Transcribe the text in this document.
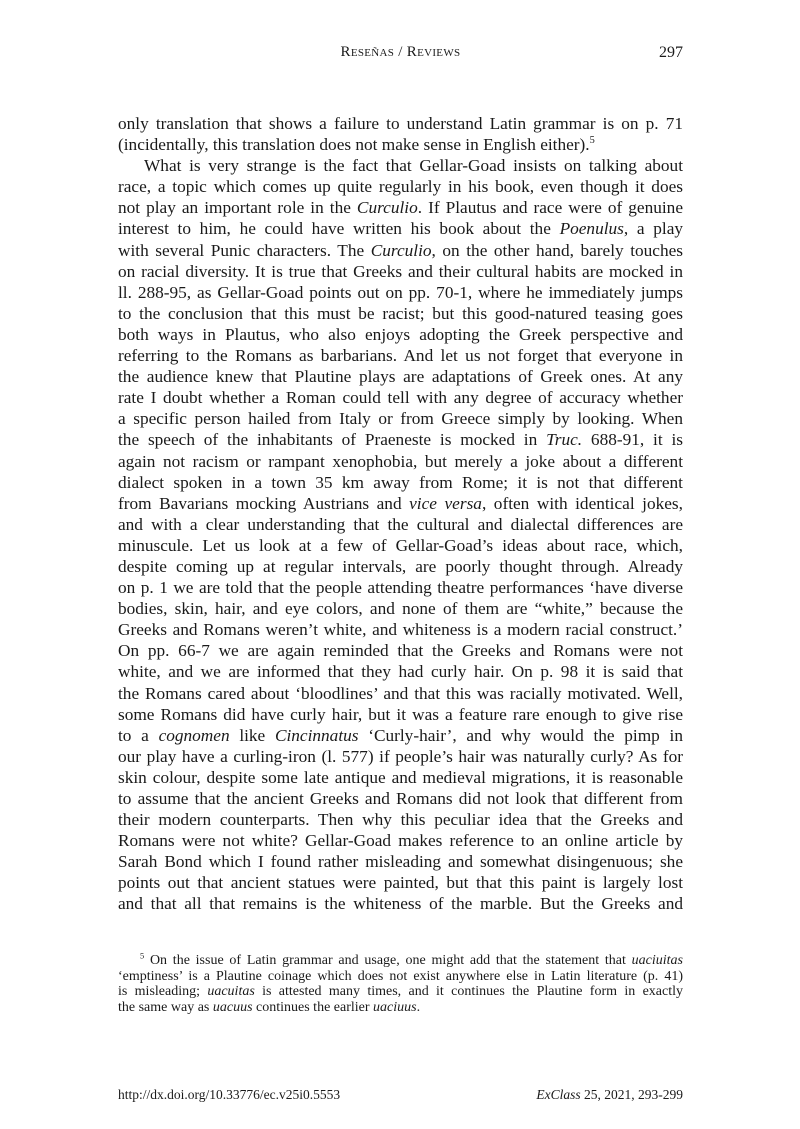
Reseñas / Reviews	297
only translation that shows a failure to understand Latin grammar is on p. 71
(incidentally, this translation does not make sense in English either).$^5$
What is very strange is the fact that Gellar-Goad insists on talking about
race, a topic which comes up quite regularly in his book, even though it does
not play an important role in the Curculio. If Plautus and race were of genuine
interest to him, he could have written his book about the Poenulus, a play
with several Punic characters. The Curculio, on the other hand, barely touches
on racial diversity. It is true that Greeks and their cultural habits are mocked in
ll. 288-95, as Gellar-Goad points out on pp. 70-1, where he immediately jumps
to the conclusion that this must be racist; but this good-natured teasing goes
both ways in Plautus, who also enjoys adopting the Greek perspective and
referring to the Romans as barbarians. And let us not forget that everyone in
the audience knew that Plautine plays are adaptations of Greek ones. At any
rate I doubt whether a Roman could tell with any degree of accuracy whether
a specific person hailed from Italy or from Greece simply by looking. When
the speech of the inhabitants of Praeneste is mocked in Truc. 688-91, it is
again not racism or rampant xenophobia, but merely a joke about a different
dialect spoken in a town 35 km away from Rome; it is not that different
from Bavarians mocking Austrians and vice versa, often with identical jokes,
and with a clear understanding that the cultural and dialectal differences are
minuscule. Let us look at a few of Gellar-Goad’s ideas about race, which,
despite coming up at regular intervals, are poorly thought through. Already
on p. 1 we are told that the people attending theatre performances ‘have diverse
bodies, skin, hair, and eye colors, and none of them are “white,” because the
Greeks and Romans weren’t white, and whiteness is a modern racial construct.’
On pp. 66-7 we are again reminded that the Greeks and Romans were not
white, and we are informed that they had curly hair. On p. 98 it is said that
the Romans cared about ‘bloodlines’ and that this was racially motivated. Well,
some Romans did have curly hair, but it was a feature rare enough to give rise
to a cognomen like Cincinnatus ‘Curly-hair’, and why would the pimp in
our play have a curling-iron (l. 577) if people’s hair was naturally curly? As for
skin colour, despite some late antique and medieval migrations, it is reasonable
to assume that the ancient Greeks and Romans did not look that different from
their modern counterparts. Then why this peculiar idea that the Greeks and
Romans were not white? Gellar-Goad makes reference to an online article by
Sarah Bond which I found rather misleading and somewhat disingenuous; she
points out that ancient statues were painted, but that this paint is largely lost
and that all that remains is the whiteness of the marble. But the Greeks and
$^5$ On the issue of Latin grammar and usage, one might add that the statement that uaciuitas
‘emptiness’ is a Plautine coinage which does not exist anywhere else in Latin literature (p. 41)
is misleading; uacuitas is attested many times, and it continues the Plautine form in exactly
the same way as uacuus continues the earlier uaciuus.
http://dx.doi.org/10.33776/ec.v25i0.5553	ExClass 25, 2021, 293-299
